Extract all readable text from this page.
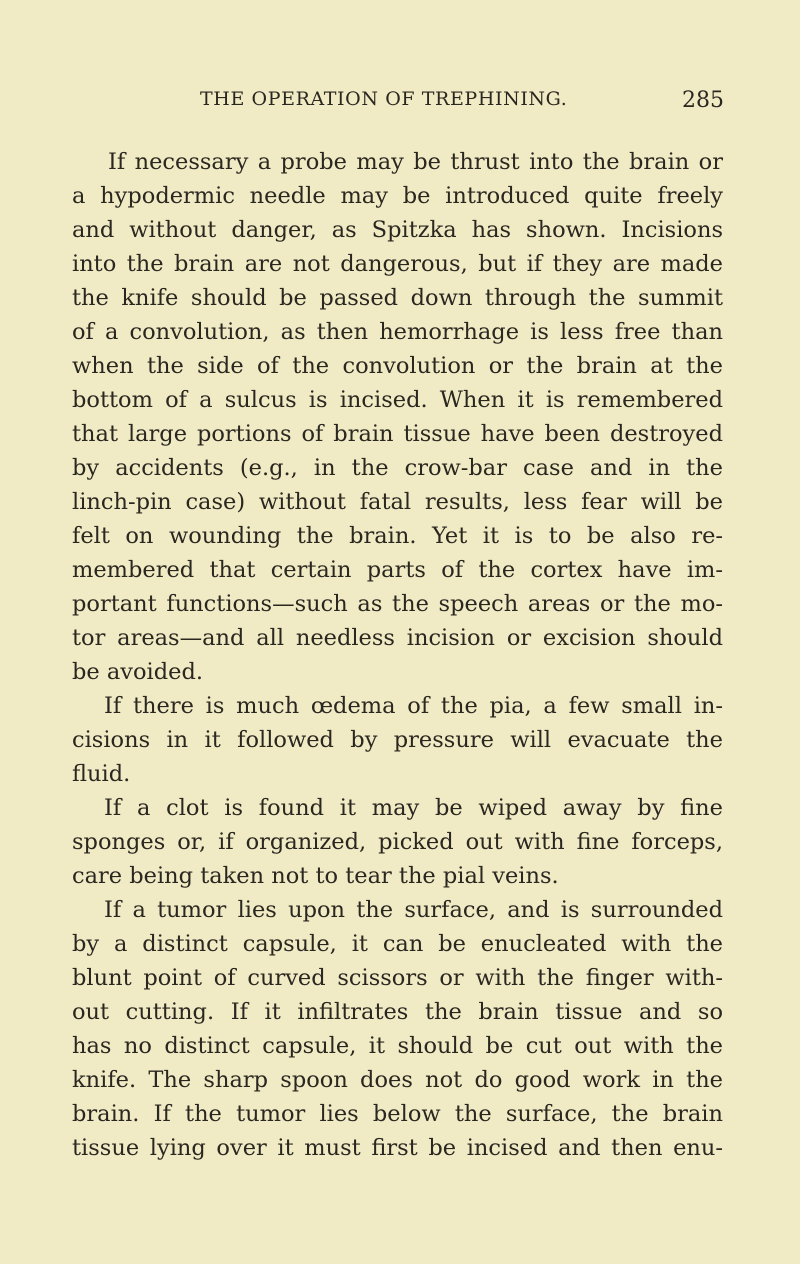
THE OPERATION OF TREPHINING.	285
If necessary a probe may be thrust into the brain or
a hypodermic needle may be introduced quite freely
and without danger, as Spitzka has shown. Incisions
into the brain are not dangerous, but if they are made
the knife should be passed down through the summit
of a convolution, as then hemorrhage is less free than
when the side of the convolution or the brain at the
bottom of a sulcus is incised. When it is remembered
that large portions of brain tissue have been destroyed
by accidents (e.g., in the crow-bar case and in the
linch-pin case) without fatal results, less fear will be
felt on wounding the brain. Yet it is to be also re-
membered that certain parts of the cortex have im-
portant functions—such as the speech areas or the mo-
tor areas—and all needless incision or excision should
be avoided.
If there is much œdema of the pia, a few small in-
cisions in it followed by pressure will evacuate the
fluid.
If a clot is found it may be wiped away by fine
sponges or, if organized, picked out with fine forceps,
care being taken not to tear the pial veins.
If a tumor lies upon the surface, and is surrounded
by a distinct capsule, it can be enucleated with the
blunt point of curved scissors or with the finger with-
out cutting. If it infiltrates the brain tissue and so
has no distinct capsule, it should be cut out with the
knife. The sharp spoon does not do good work in the
brain. If the tumor lies below the surface, the brain
tissue lying over it must first be incised and then enu-
